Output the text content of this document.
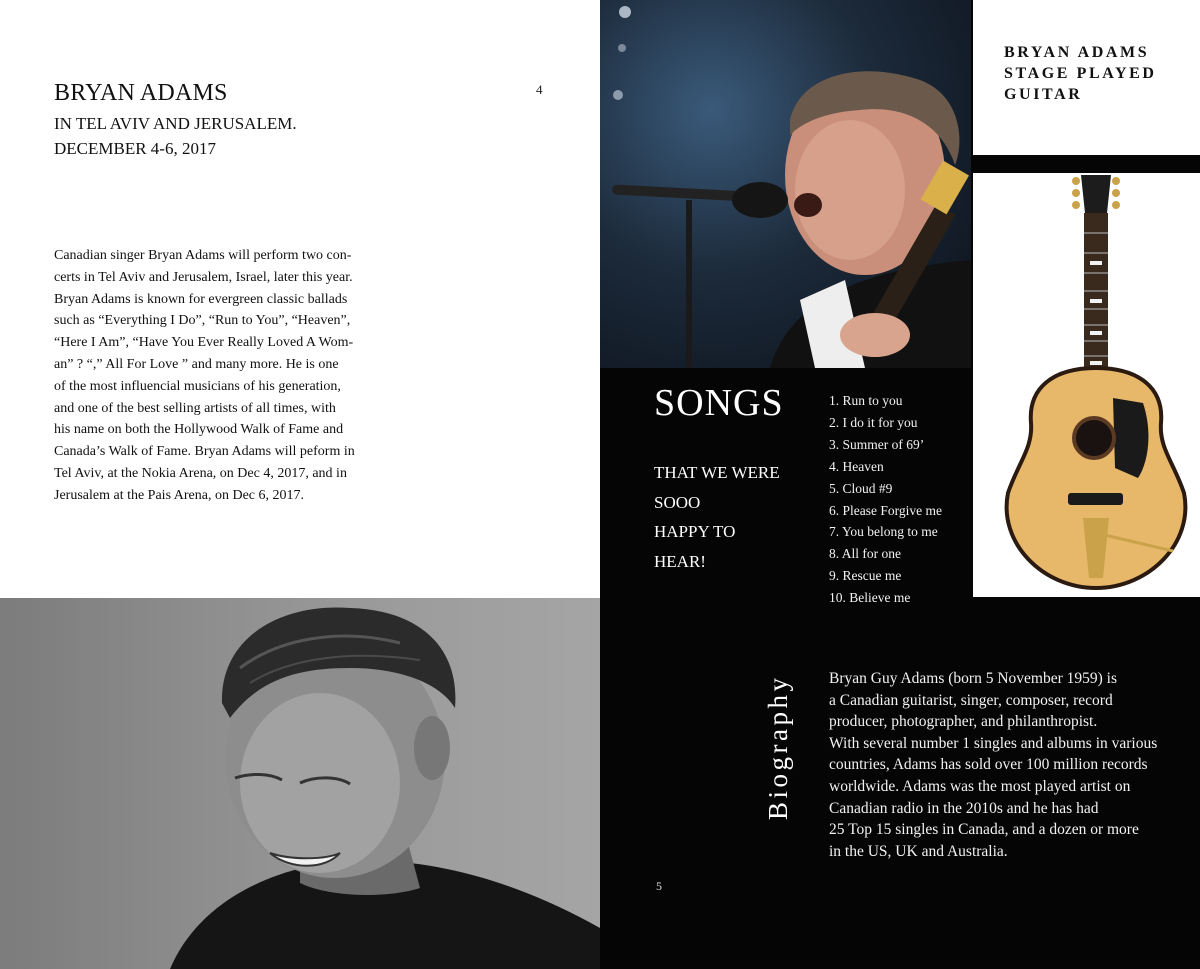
BRYAN ADAMS
IN TEL AVIV AND JERUSALEM.
DECEMBER 4-6, 2017
4
Canadian singer Bryan Adams will perform two con-
certs in Tel Aviv and Jerusalem, Israel, later this year.
Bryan Adams is known for evergreen classic ballads
such as “Everything I Do”, “Run to You”, “Heaven”,
“Here I Am”, “Have You Ever Really Loved A Wom-
an” ? “,” All For Love ” and many more. He is one
of the most influencial musicians of his generation,
and one of the best selling artists of all times, with
his name on both the Hollywood Walk of Fame and
Canada’s Walk of Fame. Bryan Adams will peform in
Tel Aviv, at the Nokia Arena, on Dec 4, 2017, and in
Jerusalem at the Pais Arena, on Dec 6, 2017.
BRYAN ADAMS
STAGE PLAYED
GUITAR
SONGS
THAT WE WERE
SOOO
HAPPY TO
HEAR!
1. Run to you
2. I do it for you
3. Summer of 69’
4. Heaven
5. Cloud #9
6. Please Forgive me
7. You belong to me
8. All for one
9. Rescue me
10. Believe me
Biography Bryan Guy Adams (born 5 November 1959) is
a Canadian guitarist, singer, composer, record
producer, photographer, and philanthropist.
With several number 1 singles and albums in various
countries, Adams has sold over 100 million records
worldwide. Adams was the most played artist on
Canadian radio in the 2010s and he has had
25 Top 15 singles in Canada, and a dozen or more
in the US, UK and Australia.
5
